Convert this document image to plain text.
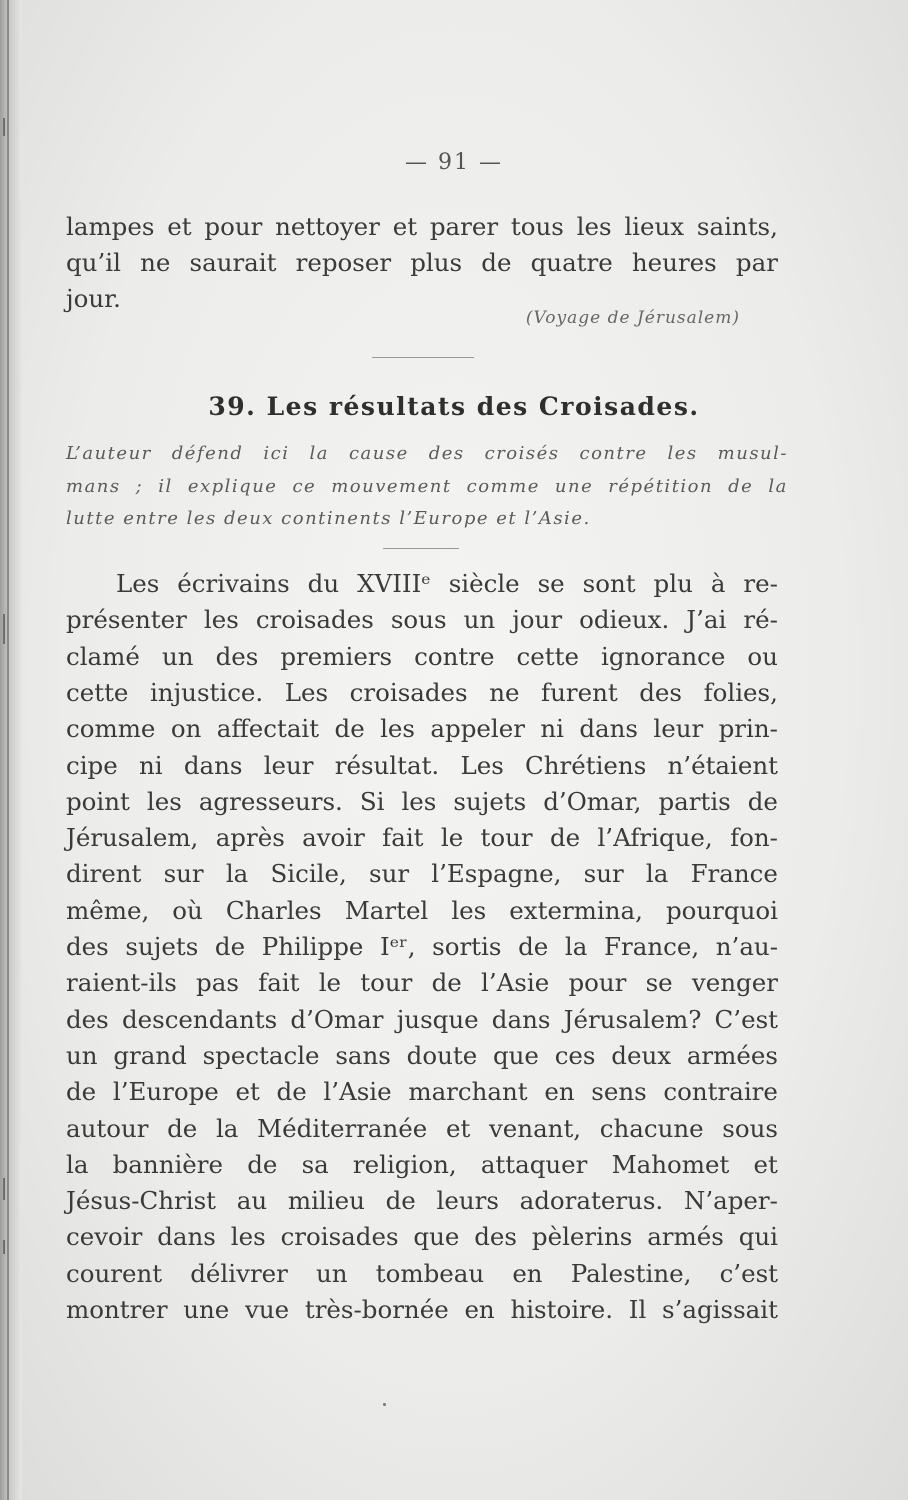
— 91 —
lampes et pour nettoyer et parer tous les lieux saints,
qu’il ne saurait reposer plus de quatre heures par
jour.
(Voyage de Jérusalem)
39. Les résultats des Croisades.
L’auteur défend ici la cause des croisés contre les musul-
mans ; il explique ce mouvement comme une répétition de la
lutte entre les deux continents l’Europe et l’Asie.
Les écrivains du XVIIIᵉ siècle se sont plu à re-
présenter les croisades sous un jour odieux. J’ai ré-
clamé un des premiers contre cette ignorance ou
cette injustice. Les croisades ne furent des folies,
comme on affectait de les appeler ni dans leur prin-
cipe ni dans leur résultat. Les Chrétiens n’étaient
point les agresseurs. Si les sujets d’Omar, partis de
Jérusalem, après avoir fait le tour de l’Afrique, fon-
dirent sur la Sicile, sur l’Espagne, sur la France
même, où Charles Martel les extermina, pourquoi
des sujets de Philippe Iᵉʳ, sortis de la France, n’au-
raient-ils pas fait le tour de l’Asie pour se venger
des descendants d’Omar jusque dans Jérusalem? C’est
un grand spectacle sans doute que ces deux armées
de l’Europe et de l’Asie marchant en sens contraire
autour de la Méditerranée et venant, chacune sous
la bannière de sa religion, attaquer Mahomet et
Jésus-Christ au milieu de leurs adoraterus. N’aper-
cevoir dans les croisades que des pèlerins armés qui
courent délivrer un tombeau en Palestine, c’est
montrer une vue très-bornée en histoire. Il s’agissait
